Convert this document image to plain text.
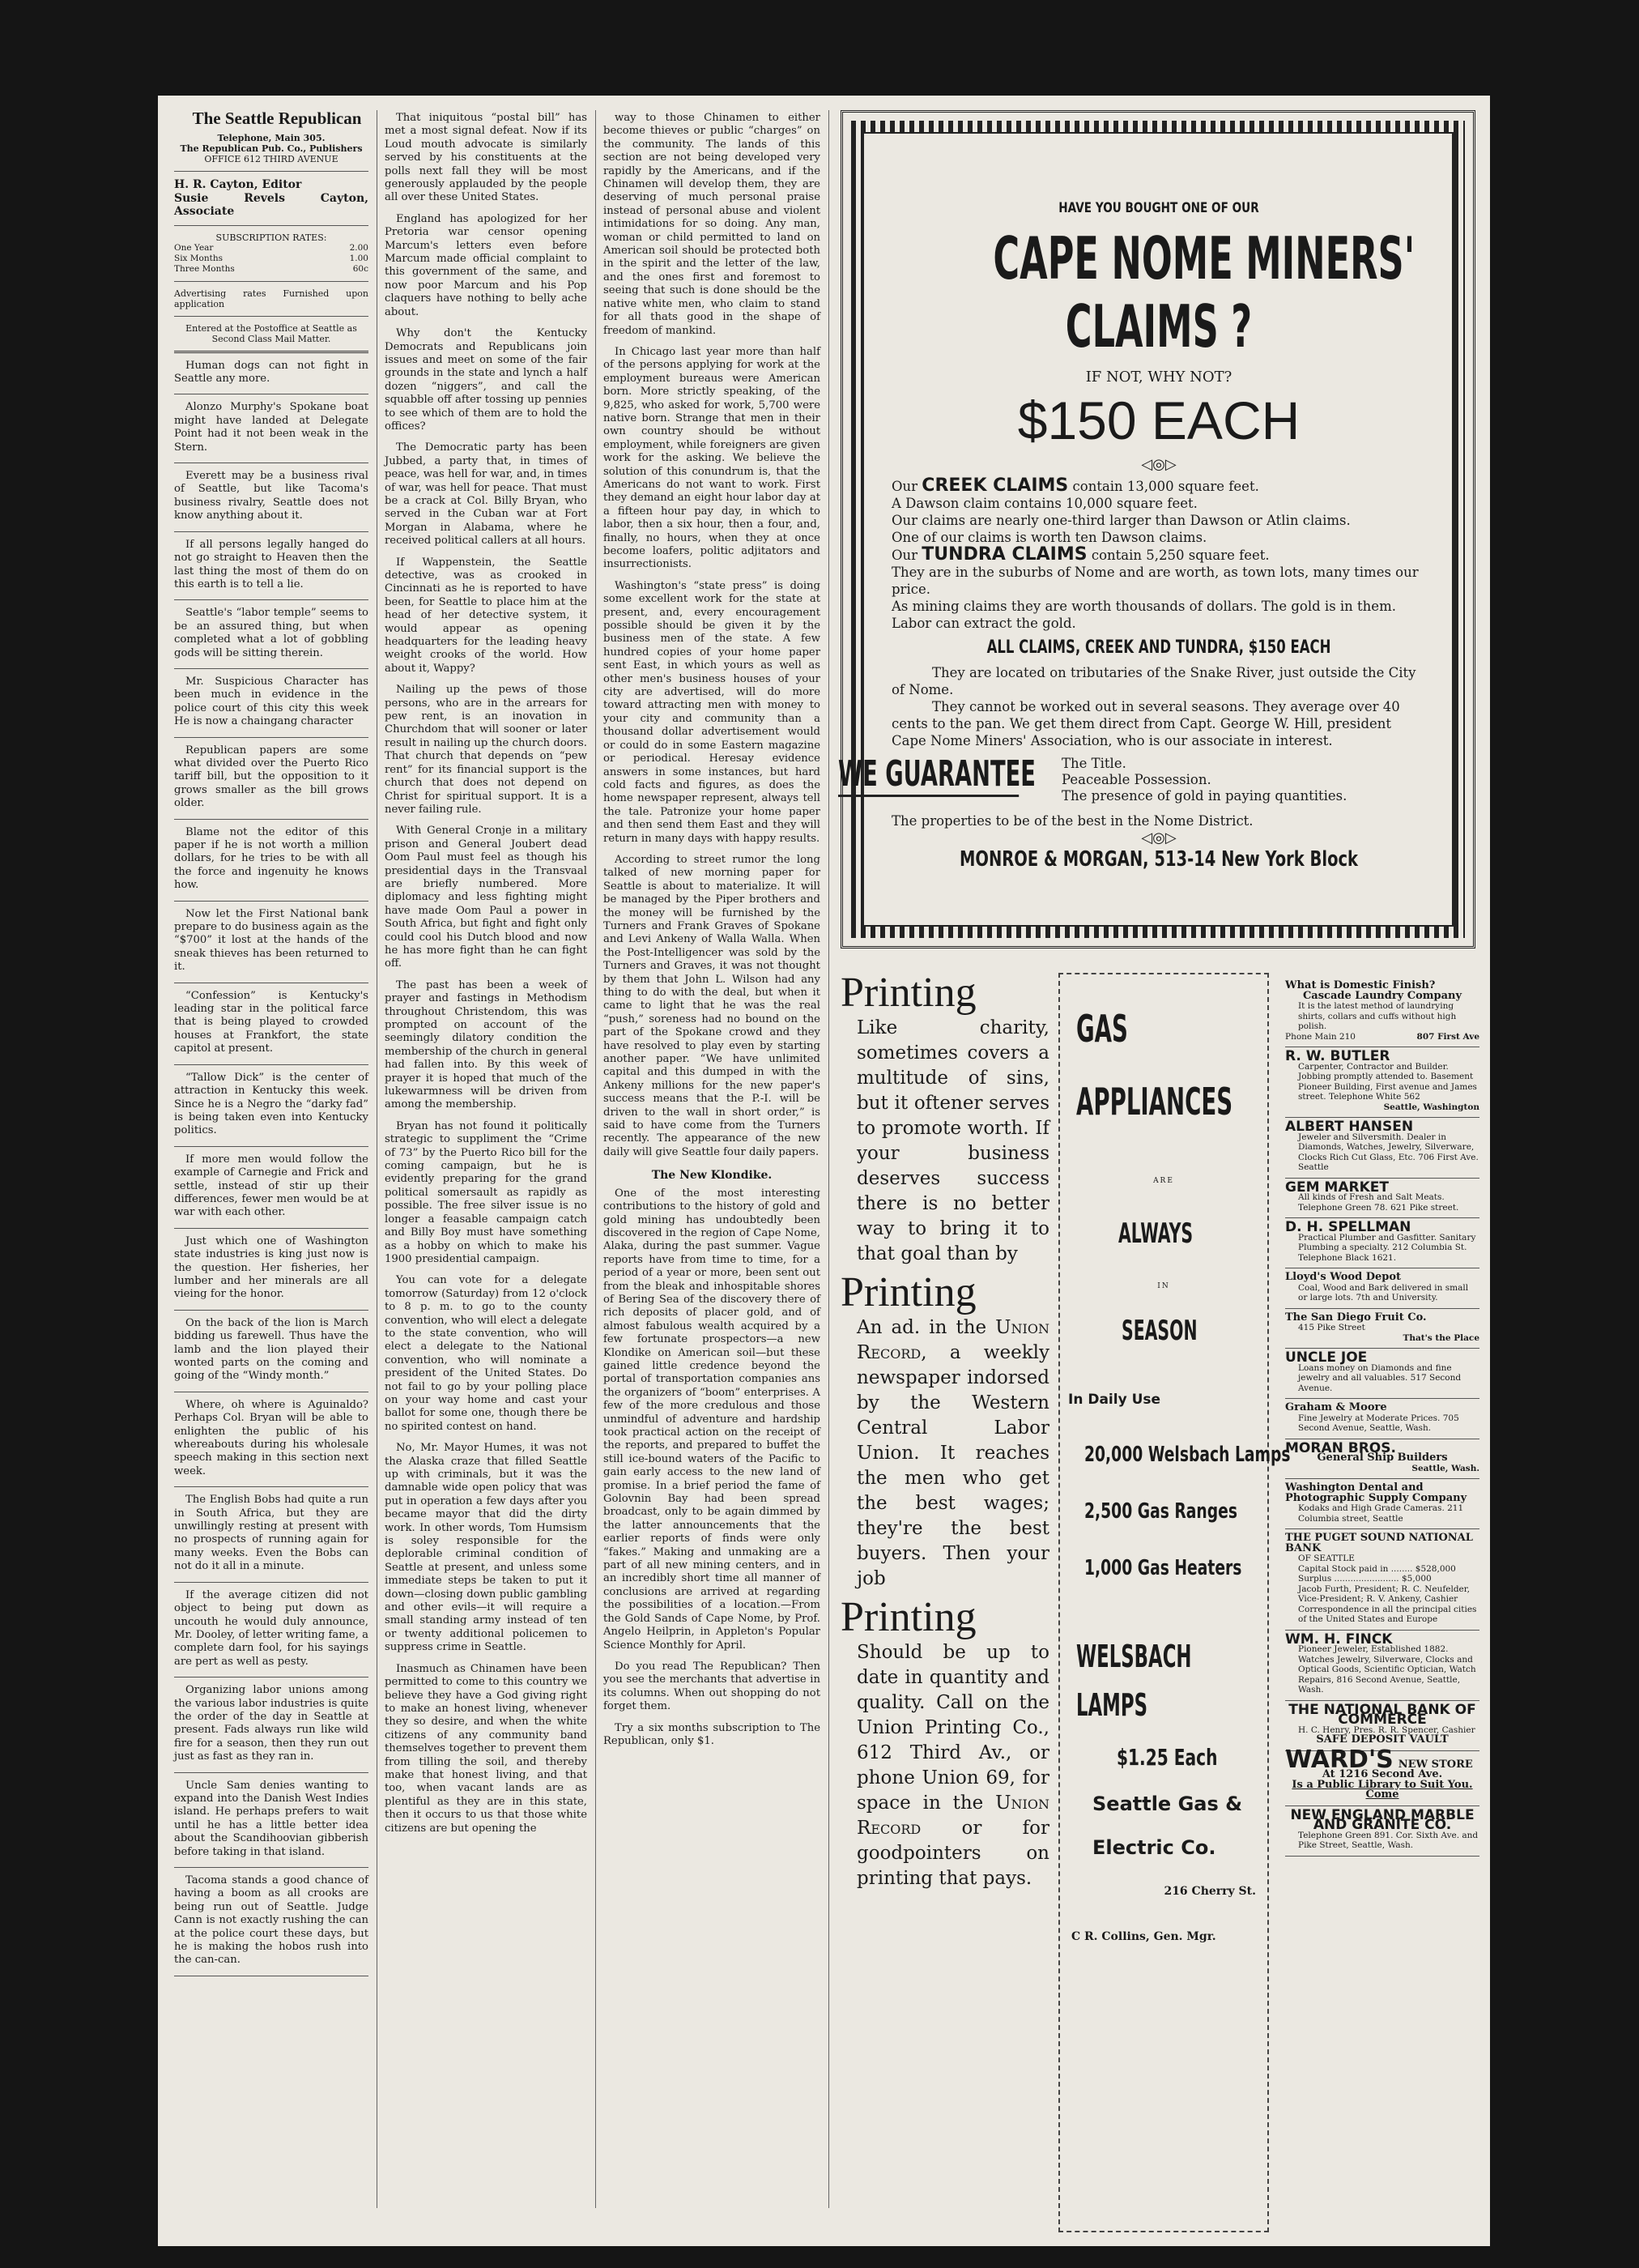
The Seattle Republican

Telephone, Main 305.

The Republican Pub. Co., Publishers

OFFICE 612 THIRD AVENUE

H. R. Cayton, Editor

Susie Revels Cayton, Associate

SUBSCRIPTION RATES:

One Year	2.00

Six Months	1.00

Three Months	60c

Advertising rates Furnished upon application

Entered at the Postoffice at Seattle as Second Class Mail Matter.

Human dogs can not fight in Seattle any more.

Alonzo Murphy's Spokane boat might have landed at Delegate Point had it not been weak in the Stern.

Everett may be a business rival of Seattle, but like Tacoma's business rivalry, Seattle does not know anything about it.

If all persons legally hanged do not go straight to Heaven then the last thing the most of them do on this earth is to tell a lie.

Seattle's “labor temple” seems to be an assured thing, but when completed what a lot of gobbling gods will be sitting therein.

Mr. Suspicious Character has been much in evidence in the police court of this city this week He is now a chaingang character

Republican papers are some what divided over the Puerto Rico tariff bill, but the opposition to it grows smaller as the bill grows older.

Blame not the editor of this paper if he is not worth a million dollars, for he tries to be with all the force and ingenuity he knows how.

Now let the First National bank prepare to do business again as the “$700” it lost at the hands of the sneak thieves has been returned to it.

“Confession” is Kentucky's leading star in the political farce that is being played to crowded houses at Frankfort, the state capitol at present.

“Tallow Dick” is the center of attraction in Kentucky this week. Since he is a Negro the “darky fad” is being taken even into Kentucky politics.

If more men would follow the example of Carnegie and Frick and settle, instead of stir up their differences, fewer men would be at war with each other.

Just which one of Washington state industries is king just now is the question. Her fisheries, her lumber and her minerals are all vieing for the honor.

On the back of the lion is March bidding us farewell. Thus have the lamb and the lion played their wonted parts on the coming and going of the “Windy month.”

Where, oh where is Aguinaldo? Perhaps Col. Bryan will be able to enlighten the public of his whereabouts during his wholesale speech making in this section next week.

The English Bobs had quite a run in South Africa, but they are unwillingly resting at present with no prospects of running again for many weeks. Even the Bobs can not do it all in a minute.

If the average citizen did not object to being put down as uncouth he would duly announce, Mr. Dooley, of letter writing fame, a complete darn fool, for his sayings are pert as well as pesty.

Organizing labor unions among the various labor industries is quite the order of the day in Seattle at present. Fads always run like wild fire for a season, then they run out just as fast as they ran in.

Uncle Sam denies wanting to expand into the Danish West Indies island. He perhaps prefers to wait until he has a little better idea about the Scandihoovian gibberish before taking in that island.

Tacoma stands a good chance of having a boom as all crooks are being run out of Seattle. Judge Cann is not exactly rushing the can at the police court these days, but he is making the hobos rush into the can-can.

That iniquitous “postal bill” has met a most signal defeat. Now if its Loud mouth advocate is similarly served by his constituents at the polls next fall they will be most generously applauded by the people all over these United States.

England has apologized for her Pretoria war censor opening Marcum's letters even before Marcum made official complaint to this government of the same, and now poor Marcum and his Pop claquers have nothing to belly ache about.

Why don't the Kentucky Democrats and Republicans join issues and meet on some of the fair grounds in the state and lynch a half dozen “niggers”, and call the squabble off after tossing up pennies to see which of them are to hold the offices?

The Democratic party has been Jubbed, a party that, in times of peace, was hell for war, and, in times of war, was hell for peace. That must be a crack at Col. Billy Bryan, who served in the Cuban war at Fort Morgan in Alabama, where he received political callers at all hours.

If Wappenstein, the Seattle detective, was as crooked in Cincinnati as he is reported to have been, for Seattle to place him at the head of her detective system, it would appear as opening headquarters for the leading heavy weight crooks of the world. How about it, Wappy?

Nailing up the pews of those persons, who are in the arrears for pew rent, is an inovation in Churchdom that will sooner or later result in nailing up the church doors. That church that depends on “pew rent” for its financial support is the church that does not depend on Christ for spiritual support. It is a never failing rule.

With General Cronje in a military prison and General Joubert dead Oom Paul must feel as though his presidential days in the Transvaal are briefly numbered. More diplomacy and less fighting might have made Oom Paul a power in South Africa, but fight and fight only could cool his Dutch blood and now he has more fight than he can fight off.

The past has been a week of prayer and fastings in Methodism throughout Christendom, this was prompted on account of the seemingly dilatory condition the membership of the church in general had fallen into. By this week of prayer it is hoped that much of the lukewarmness will be driven from among the membership.

Bryan has not found it politically strategic to suppliment the “Crime of 73” by the Puerto Rico bill for the coming campaign, but he is evidently preparing for the grand political somersault as rapidly as possible. The free silver issue is no longer a feasable campaign catch and Billy Boy must have something as a hobby on which to make his 1900 presidential campaign.

You can vote for a delegate tomorrow (Saturday) from 12 o'clock to 8 p. m. to go to the county convention, who will elect a delegate to the state convention, who will elect a delegate to the National convention, who will nominate a president of the United States. Do not fail to go by your polling place on your way home and cast your ballot for some one, though there be no spirited contest on hand.

No, Mr. Mayor Humes, it was not the Alaska craze that filled Seattle up with criminals, but it was the damnable wide open policy that was put in operation a few days after you became mayor that did the dirty work. In other words, Tom Humsism is soley responsible for the deplorable criminal condition of Seattle at present, and unless some immediate steps be taken to put it down—closing down public gambling and other evils—it will require a small standing army instead of ten or twenty additional policemen to suppress crime in Seattle.

Inasmuch as Chinamen have been permitted to come to this country we believe they have a God giving right to make an honest living, whenever they so desire, and when the white citizens of any community band themselves together to prevent them from tilling the soil, and thereby make that honest living, and that too, when vacant lands are as plentiful as they are in this state, then it occurs to us that those white citizens are but opening the

way to those Chinamen to either become thieves or public “charges” on the community. The lands of this section are not being developed very rapidly by the Americans, and if the Chinamen will develop them, they are deserving of much personal praise instead of personal abuse and violent intimidations for so doing. Any man, woman or child permitted to land on American soil should be protected both in the spirit and the letter of the law, and the ones first and foremost to seeing that such is done should be the native white men, who claim to stand for all thats good in the shape of freedom of mankind.

In Chicago last year more than half of the persons applying for work at the employment bureaus were American born. More strictly speaking, of the 9,825, who asked for work, 5,700 were native born. Strange that men in their own country should be without employment, while foreigners are given work for the asking. We believe the solution of this conundrum is, that the Americans do not want to work. First they demand an eight hour labor day at a fifteen hour pay day, in which to labor, then a six hour, then a four, and, finally, no hours, when they at once become loafers, politic adjitators and insurrectionists.

Washington's “state press” is doing some excellent work for the state at present, and, every encouragement possible should be given it by the business men of the state. A few hundred copies of your home paper sent East, in which yours as well as other men's business houses of your city are advertised, will do more toward attracting men with money to your city and community than a thousand dollar advertisement would or could do in some Eastern magazine or periodical. Heresay evidence answers in some instances, but hard cold facts and figures, as does the home newspaper represent, always tell the tale. Patronize your home paper and then send them East and they will return in many days with happy results.

According to street rumor the long talked of new morning paper for Seattle is about to materialize. It will be managed by the Piper brothers and the money will be furnished by the Turners and Frank Graves of Spokane and Levi Ankeny of Walla Walla. When the Post-Intelligencer was sold by the Turners and Graves, it was not thought by them that John L. Wilson had any thing to do with the deal, but when it came to light that he was the real “push,” soreness had no bound on the part of the Spokane crowd and they have resolved to play even by starting another paper. “We have unlimited capital and this dumped in with the Ankeny millions for the new paper's success means that the P.-I. will be driven to the wall in short order,” is said to have come from the Turners recently. The appearance of the new daily will give Seattle four daily papers.

The New Klondike.

One of the most interesting contributions to the history of gold and gold mining has undoubtedly been discovered in the region of Cape Nome, Alaka, during the past summer. Vague reports have from time to time, for a period of a year or more, been sent out from the bleak and inhospitable shores of Bering Sea of the discovery there of rich deposits of placer gold, and of almost fabulous wealth acquired by a few fortunate prospectors—a new Klondike on American soil—but these gained little credence beyond the portal of transportation companies ans the organizers of “boom” enterprises. A few of the more credulous and those unmindful of adventure and hardship took practical action on the receipt of the reports, and prepared to buffet the still ice-bound waters of the Pacific to gain early access to the new land of promise. In a brief period the fame of Golovnin Bay had been spread broadcast, only to be again dimmed by the latter announcements that the earlier reports of finds were only “fakes.” Making and unmaking are a part of all new mining centers, and in an incredibly short time all manner of conclusions are arrived at regarding the possibilities of a location.—From the Gold Sands of Cape Nome, by Prof. Angelo Heilprin, in Appleton's Popular Science Monthly for April.

Do you read The Republican? Then you see the merchants that advertise in its columns. When out shopping do not forget them.

Try a six months subscription to The Republican, only $1.

HAVE YOU BOUGHT ONE OF OUR
CAPE NOME MINERS'
CLAIMS ?
IF NOT, WHY NOT?
$150 EACH
◁◎▷

Our CREEK CLAIMS contain 13,000 square feet.

A Dawson claim contains 10,000 square feet.

Our claims are nearly one-third larger than Dawson or Atlin claims.

One of our claims is worth ten Dawson claims.

Our TUNDRA CLAIMS contain 5,250 square feet.

They are in the suburbs of Nome and are worth, as town lots, many times our price.

As mining claims they are worth thousands of dollars. The gold is in them. Labor can extract the gold.

ALL CLAIMS, CREEK AND TUNDRA, $150 EACH

They are located on tributaries of the Snake River, just outside the City of Nome.

They cannot be worked out in several seasons. They average over 40 cents to the pan. We get them direct from Capt. George W. Hill, president Cape Nome Miners' Association, who is our associate in interest.

WE GUARANTEE The Title.
Peaceable Possession.
The presence of gold in paying quantities.

The properties to be of the best in the Nome District.

◁◎▷

MONROE & MORGAN, 513-14 New York Block

Printing
Like charity, sometimes covers a multitude of sins, but it oftener serves to promote worth. If your business deserves success there is no better way to bring it to that goal than by
Printing
An ad. in the Union Record, a weekly newspaper indorsed by the Western Central Labor Union. It reaches the men who get the best wages; they're the best buyers. Then your job
Printing
Should be up to date in quantity and quality. Call on the Union Printing Co., 612 Third Av., or phone Union 69, for space in the Union Record or for goodpointers on printing that pays.
GAS
APPLIANCES
ARE
ALWAYS
IN
SEASON
In Daily Use
20,000 Welsbach Lamps
2,500 Gas Ranges
1,000 Gas Heaters
WELSBACH
LAMPS
$1.25 Each
Seattle Gas &
Electric Co.
216 Cherry St.
C R. Collins, Gen. Mgr.
What is Domestic Finish?
Cascade Laundry Company
It is the latest method of laundrying shirts, collars and cuffs without high polish.
Phone Main 210	807 First Ave
R. W. BUTLER
Carpenter, Contractor and Builder. Jobbing promptly attended to. Basement Pioneer Building, First avenue and James street. Telephone White 562
Seattle, Washington
ALBERT HANSEN
Jeweler and Silversmith. Dealer in Diamonds, Watches, Jewelry, Silverware, Clocks Rich Cut Glass, Etc. 706 First Ave. Seattle
GEM MARKET
All kinds of Fresh and Salt Meats. Telephone Green 78. 621 Pike street.
D. H. SPELLMAN
Practical Plumber and Gasfitter. Sanitary Plumbing a specialty. 212 Columbia St. Telephone Black 1621.
Lloyd's Wood Depot
Coal, Wood and Bark delivered in small or large lots. 7th and University.
The San Diego Fruit Co.
415 Pike Street
That's the Place
UNCLE JOE
Loans money on Diamonds and fine jewelry and all valuables. 517 Second Avenue.
Graham & Moore
Fine Jewelry at Moderate Prices. 705 Second Avenue, Seattle, Wash.
MORAN BROS.
General Ship Builders
Seattle, Wash.
Washington Dental and Photographic Supply Company
Kodaks and High Grade Cameras. 211 Columbia street, Seattle
THE PUGET SOUND NATIONAL BANK
OF SEATTLE
Capital Stock paid in ........ $528,000
Surplus ........................ $5,000
Jacob Furth, President; R. C. Neufelder, Vice-President; R. V. Ankeny, Cashier
Correspondence in all the principal cities of the United States and Europe
WM. H. FINCK
Pioneer Jeweler, Established 1882. Watches Jewelry, Silverware, Clocks and Optical Goods, Scientific Optician, Watch Repairs, 816 Second Avenue, Seattle, Wash.
THE NATIONAL BANK OF COMMERCE
H. C. Henry, Pres. R. R. Spencer, Cashier
SAFE DEPOSIT VAULT
WARD'S NEW STORE
At 1216 Second Ave.
Is a Public Library to Suit You. Come
NEW ENGLAND MARBLE AND GRANITE CO.
Telephone Green 891. Cor. Sixth Ave. and Pike Street, Seattle, Wash.
